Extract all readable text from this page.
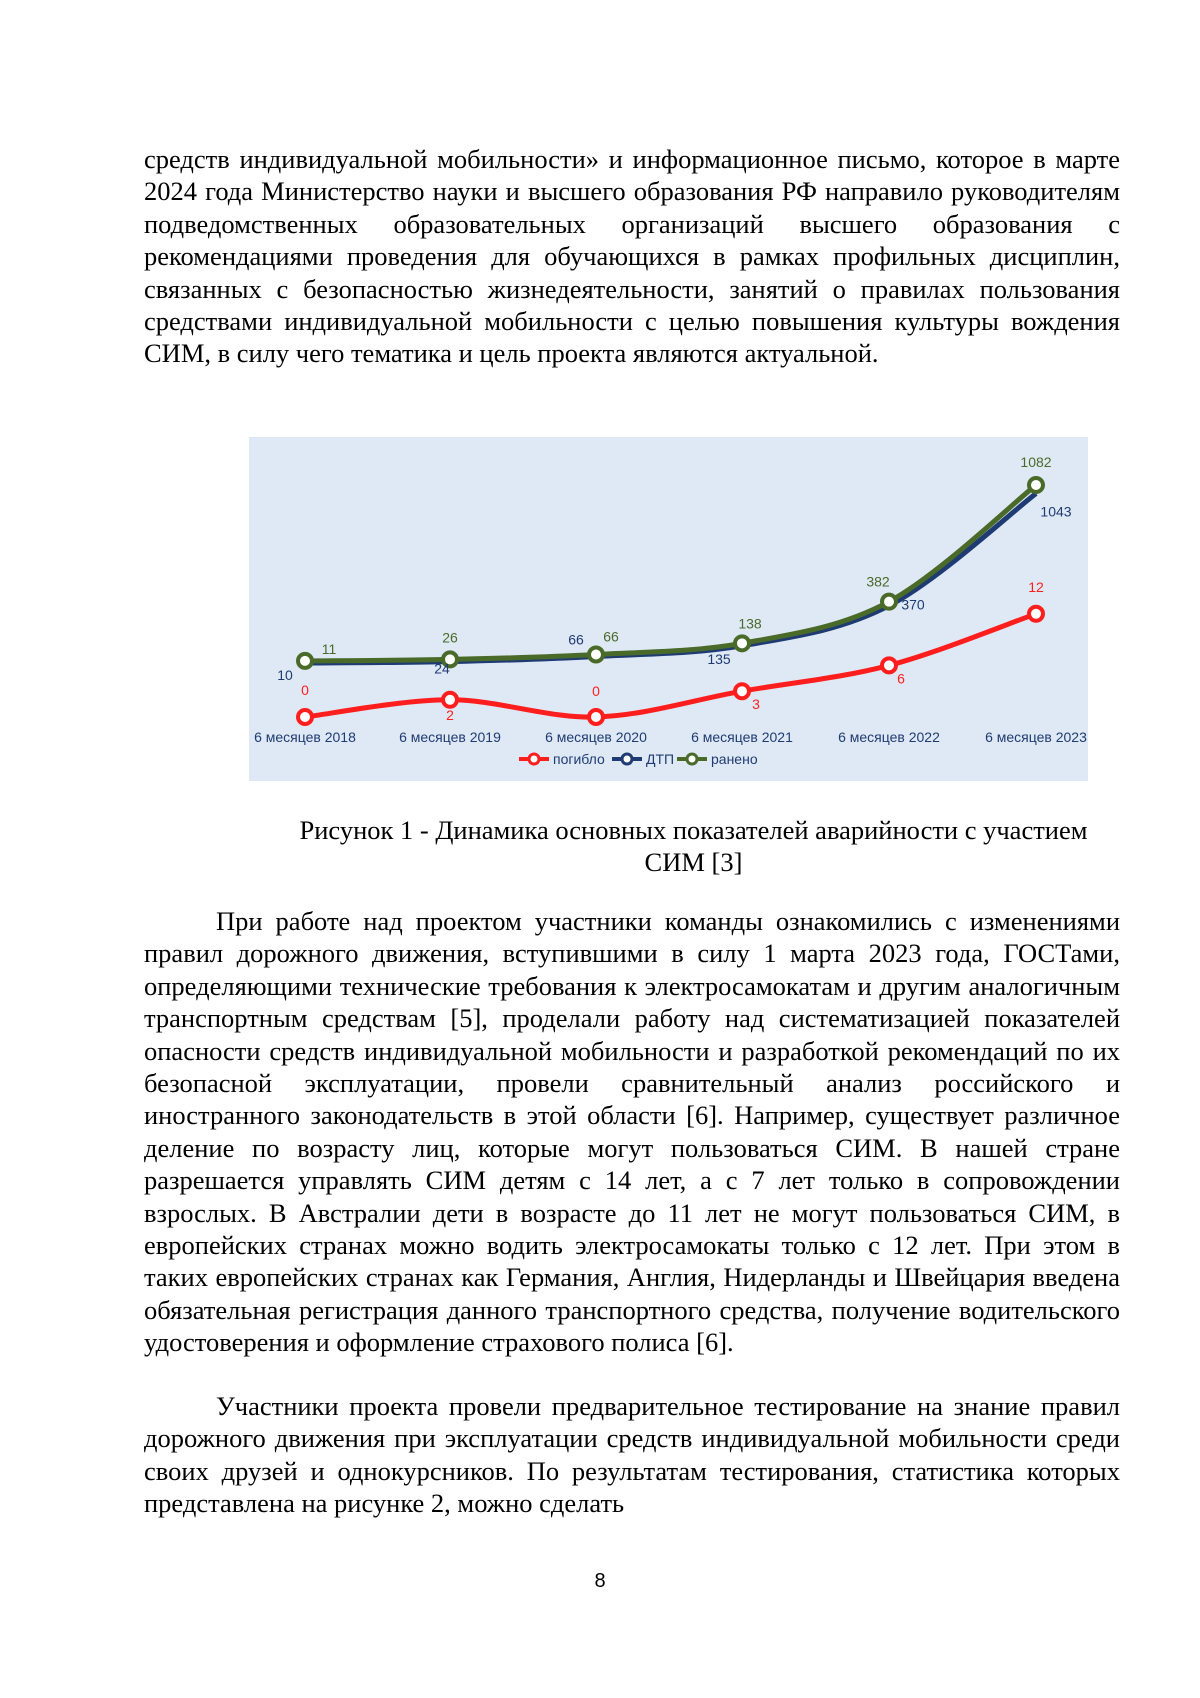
средств индивидуальной мобильности» и информационное письмо, которое в марте 2024 года Министерство науки и высшего образования РФ направило руководителям подведомственных образовательных организаций высшего образования с рекомендациями проведения для обучающихся в рамках профильных дисциплин, связанных с безопасностью жизнедеятельности, занятий о правилах пользования средствами индивидуальной мобильности с целью повышения культуры вождения СИМ, в силу чего тематика и цель проекта являются актуальной.

11
26	66
138
382
1082
10	24
66
135
370
1043
0
2
0
3
6
12
6 месяцев 2018	6 месяцев 2019	6 месяцев 2020	6 месяцев 2021	6 месяцев 2022	6 месяцев 2023
погибло	ДТП	ранено

Рисунок 1 - Динамика основных показателей аварийности с участием
СИМ [3]

При работе над проектом участники команды ознакомились с изменениями правил дорожного движения, вступившими в силу 1 марта 2023 года, ГОСТами, определяющими технические требования к электросамокатам и другим аналогичным транспортным средствам [5], проделали работу над систематизацией показателей опасности средств индивидуальной мобильности и разработкой рекомендаций по их безопасной эксплуатации, провели сравнительный анализ российского и иностранного законодательств в этой области [6]. Например, существует различное деление по возрасту лиц, которые могут пользоваться СИМ. В нашей стране разрешается управлять СИМ детям с 14 лет, а с 7 лет только в сопровождении взрослых. В Австралии дети в возрасте до 11 лет не могут пользоваться СИМ, в европейских странах можно водить электросамокаты только с 12 лет. При этом в таких европейских странах как Германия, Англия, Нидерланды и Швейцария введена обязательная регистрация данного транспортного средства, получение водительского удостоверения и оформление страхового полиса [6].

Участники проекта провели предварительное тестирование на знание правил дорожного движения при эксплуатации средств индивидуальной мобильности среди своих друзей и однокурсников. По результатам тестирования, статистика которых представлена на рисунке 2, можно сделать

8
